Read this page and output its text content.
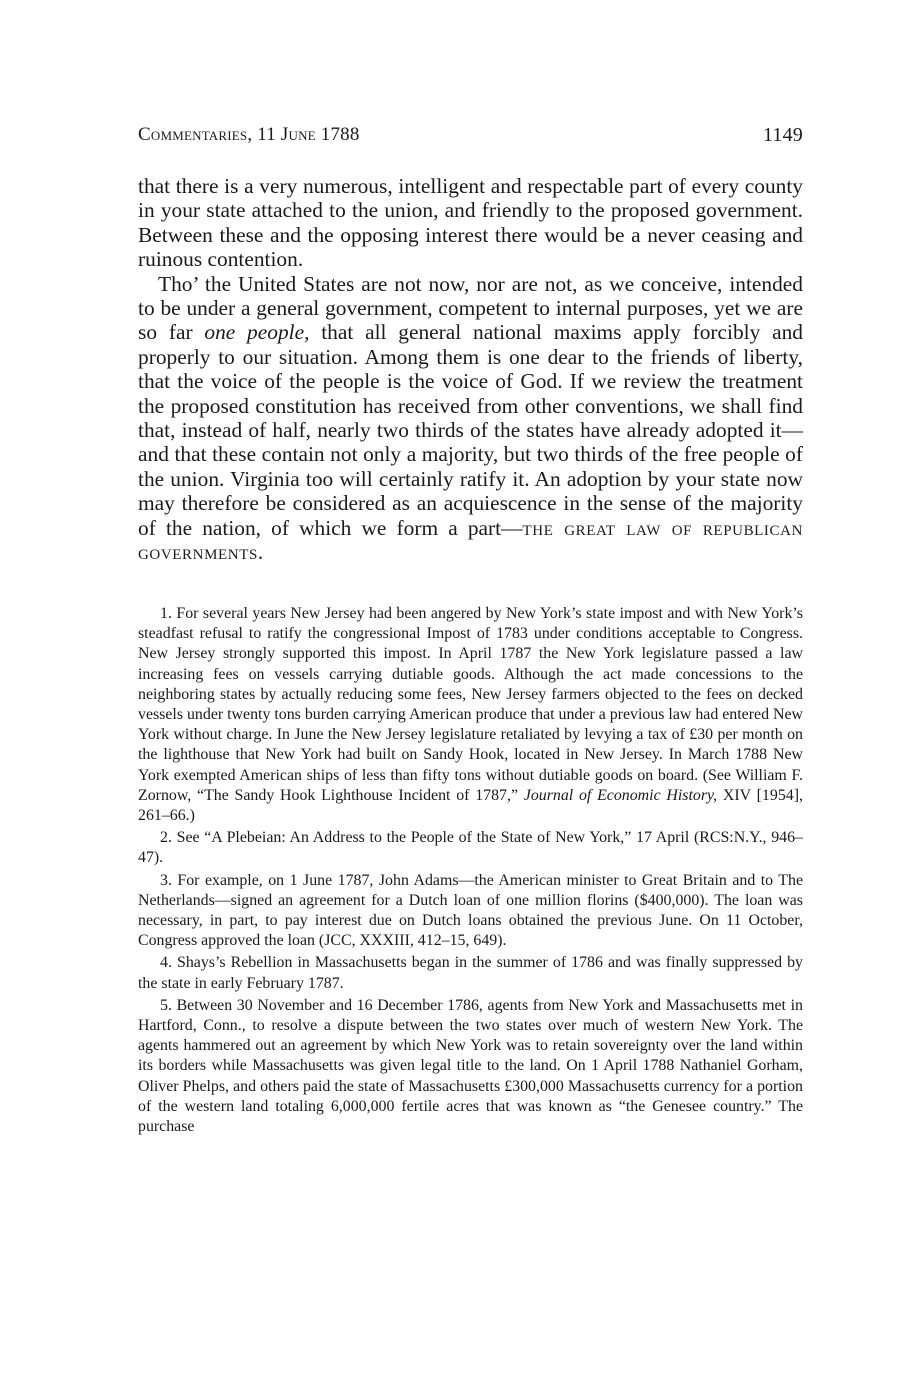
Commentaries, 11 June 1788	1149

that there is a very numerous, intelligent and respectable part of every county in your state attached to the union, and friendly to the proposed government. Between these and the opposing interest there would be a never ceasing and ruinous contention.

Tho’ the United States are not now, nor are not, as we conceive, intended to be under a general government, competent to internal purposes, yet we are so far one people, that all general national maxims apply forcibly and properly to our situation. Among them is one dear to the friends of liberty, that the voice of the people is the voice of God. If we review the treatment the proposed constitution has received from other conventions, we shall find that, instead of half, nearly two thirds of the states have already adopted it—and that these contain not only a majority, but two thirds of the free people of the union. Virginia too will certainly ratify it. An adoption by your state now may therefore be considered as an acquiescence in the sense of the majority of the nation, of which we form a part—the great law of republican governments.

1. For several years New Jersey had been angered by New York’s state impost and with New York’s steadfast refusal to ratify the congressional Impost of 1783 under conditions acceptable to Congress. New Jersey strongly supported this impost. In April 1787 the New York legislature passed a law increasing fees on vessels carrying dutiable goods. Although the act made concessions to the neighboring states by actually reducing some fees, New Jersey farmers objected to the fees on decked vessels under twenty tons burden carrying American produce that under a previous law had entered New York without charge. In June the New Jersey legislature retaliated by levying a tax of £30 per month on the lighthouse that New York had built on Sandy Hook, located in New Jersey. In March 1788 New York exempted American ships of less than fifty tons without dutiable goods on board. (See William F. Zornow, “The Sandy Hook Lighthouse Incident of 1787,” Journal of Economic History, XIV [1954], 261–66.)

2. See “A Plebeian: An Address to the People of the State of New York,” 17 April (RCS:N.Y., 946–47).

3. For example, on 1 June 1787, John Adams—the American minister to Great Britain and to The Netherlands—signed an agreement for a Dutch loan of one million florins ($400,000). The loan was necessary, in part, to pay interest due on Dutch loans obtained the previous June. On 11 October, Congress approved the loan (JCC, XXXIII, 412–15, 649).

4. Shays’s Rebellion in Massachusetts began in the summer of 1786 and was finally suppressed by the state in early February 1787.

5. Between 30 November and 16 December 1786, agents from New York and Massachusetts met in Hartford, Conn., to resolve a dispute between the two states over much of western New York. The agents hammered out an agreement by which New York was to retain sovereignty over the land within its borders while Massachusetts was given legal title to the land. On 1 April 1788 Nathaniel Gorham, Oliver Phelps, and others paid the state of Massachusetts £300,000 Massachusetts currency for a portion of the western land totaling 6,000,000 fertile acres that was known as “the Genesee country.” The purchase
